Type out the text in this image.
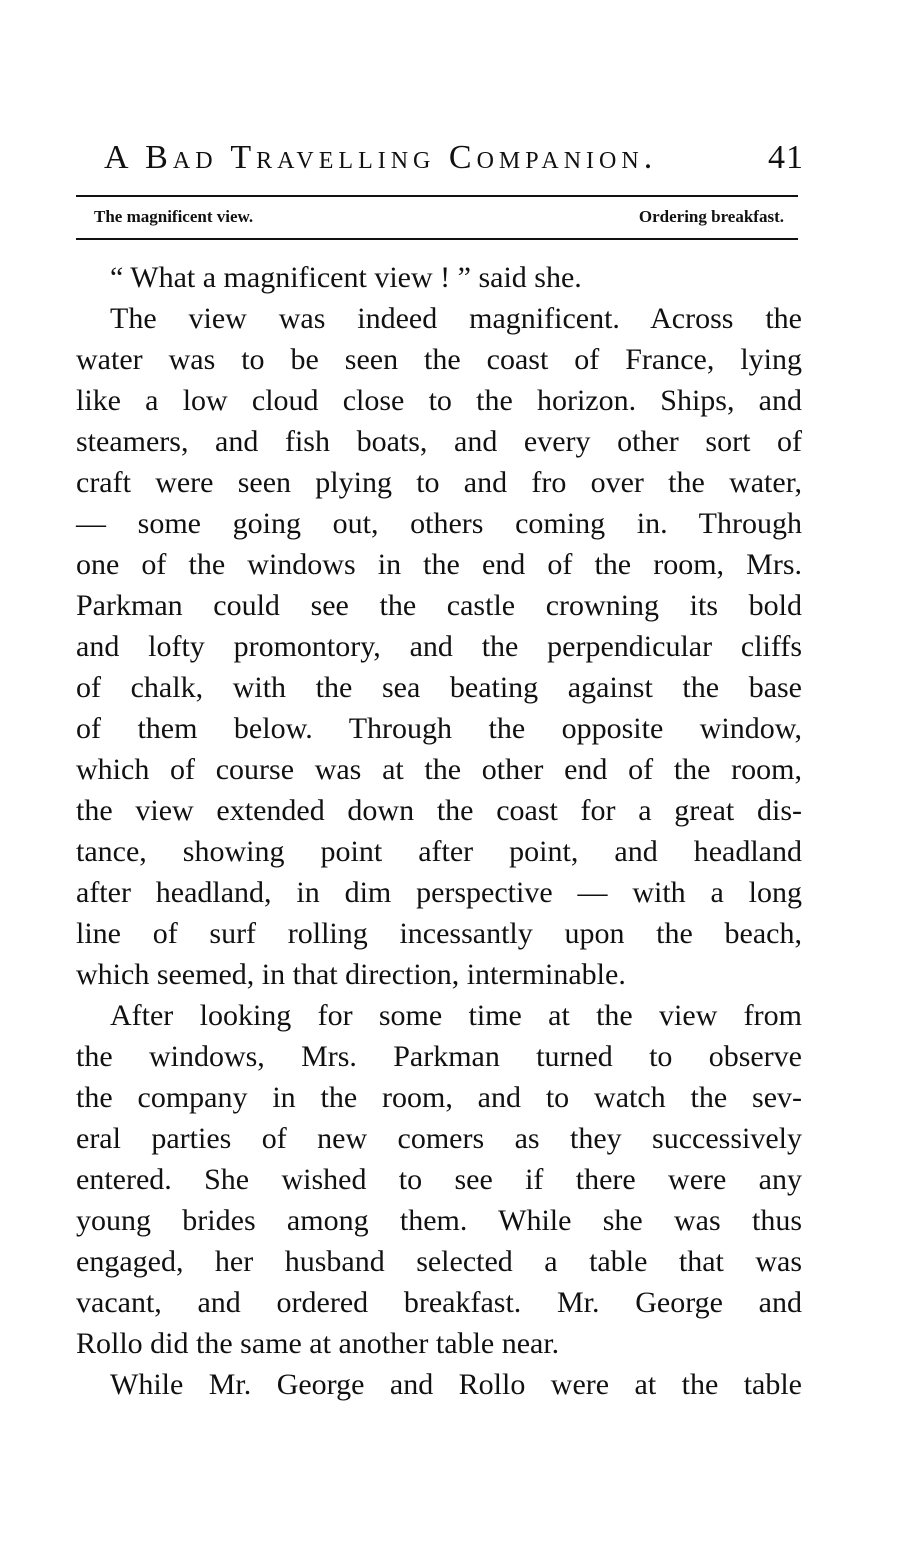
A Bad Travelling Companion.	41
The magnificent view.	Ordering breakfast.
“ What a magnificent view ! ” said she.
The view was indeed magnificent. Across the
water was to be seen the coast of France, lying
like a low cloud close to the horizon. Ships, and
steamers, and fish boats, and every other sort of
craft were seen plying to and fro over the water,
— some going out, others coming in. Through
one of the windows in the end of the room, Mrs.
Parkman could see the castle crowning its bold
and lofty promontory, and the perpendicular cliffs
of chalk, with the sea beating against the base
of them below. Through the opposite window,
which of course was at the other end of the room,
the view extended down the coast for a great dis-
tance, showing point after point, and headland
after headland, in dim perspective — with a long
line of surf rolling incessantly upon the beach,
which seemed, in that direction, interminable.
After looking for some time at the view from
the windows, Mrs. Parkman turned to observe
the company in the room, and to watch the sev-
eral parties of new comers as they successively
entered. She wished to see if there were any
young brides among them. While she was thus
engaged, her husband selected a table that was
vacant, and ordered breakfast. Mr. George and
Rollo did the same at another table near.
While Mr. George and Rollo were at the table
